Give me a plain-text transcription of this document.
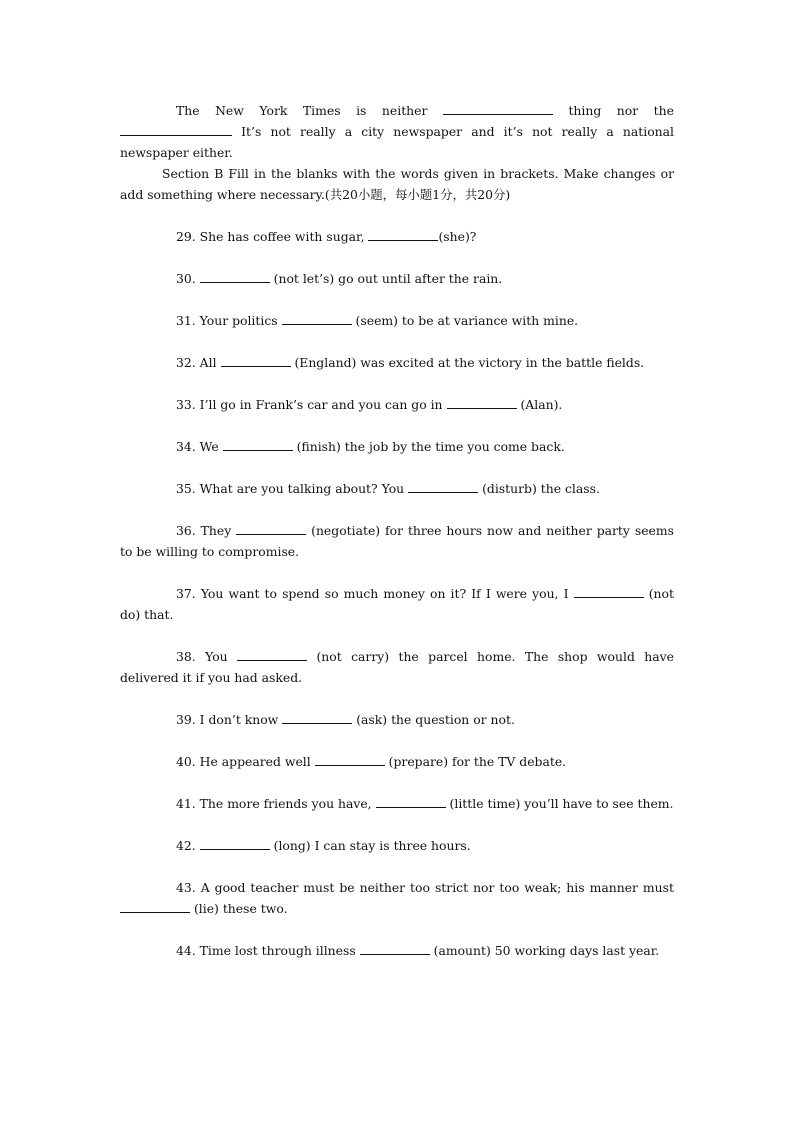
The New York Times is neither	thing nor the  It’s not really a city newspaper and it’s not really a national newspaper either.
Section B Fill in the blanks with the words given in brackets. Make changes or add something where necessary.(共20小题，每小题1分，共20分)
29. She has coffee with sugar,	(she)?
30.	(not let’s) go out until after the rain.
31. Your politics	(seem) to be at variance with mine.
32. All	(England) was excited at the victory in the battle fields.
33. I’ll go in Frank’s car and you can go in	(Alan).
34. We	(finish) the job by the time you come back.
35. What are you talking about? You	(disturb) the class.
36. They	(negotiate) for three hours now and neither party seems to be willing to compromise.
37. You want to spend so much money on it? If I were you, I	(not do) that.
38. You	(not carry) the parcel home. The shop would have delivered it if you had asked.
39. I don’t know	(ask) the question or not.
40. He appeared well	(prepare) for the TV debate.
41. The more friends you have,	(little time) you’ll have to see them.
42.	(long) I can stay is three hours.
43. A good teacher must be neither too strict nor too weak; his manner must  (lie) these two.
44. Time lost through illness	(amount) 50 working days last year.
